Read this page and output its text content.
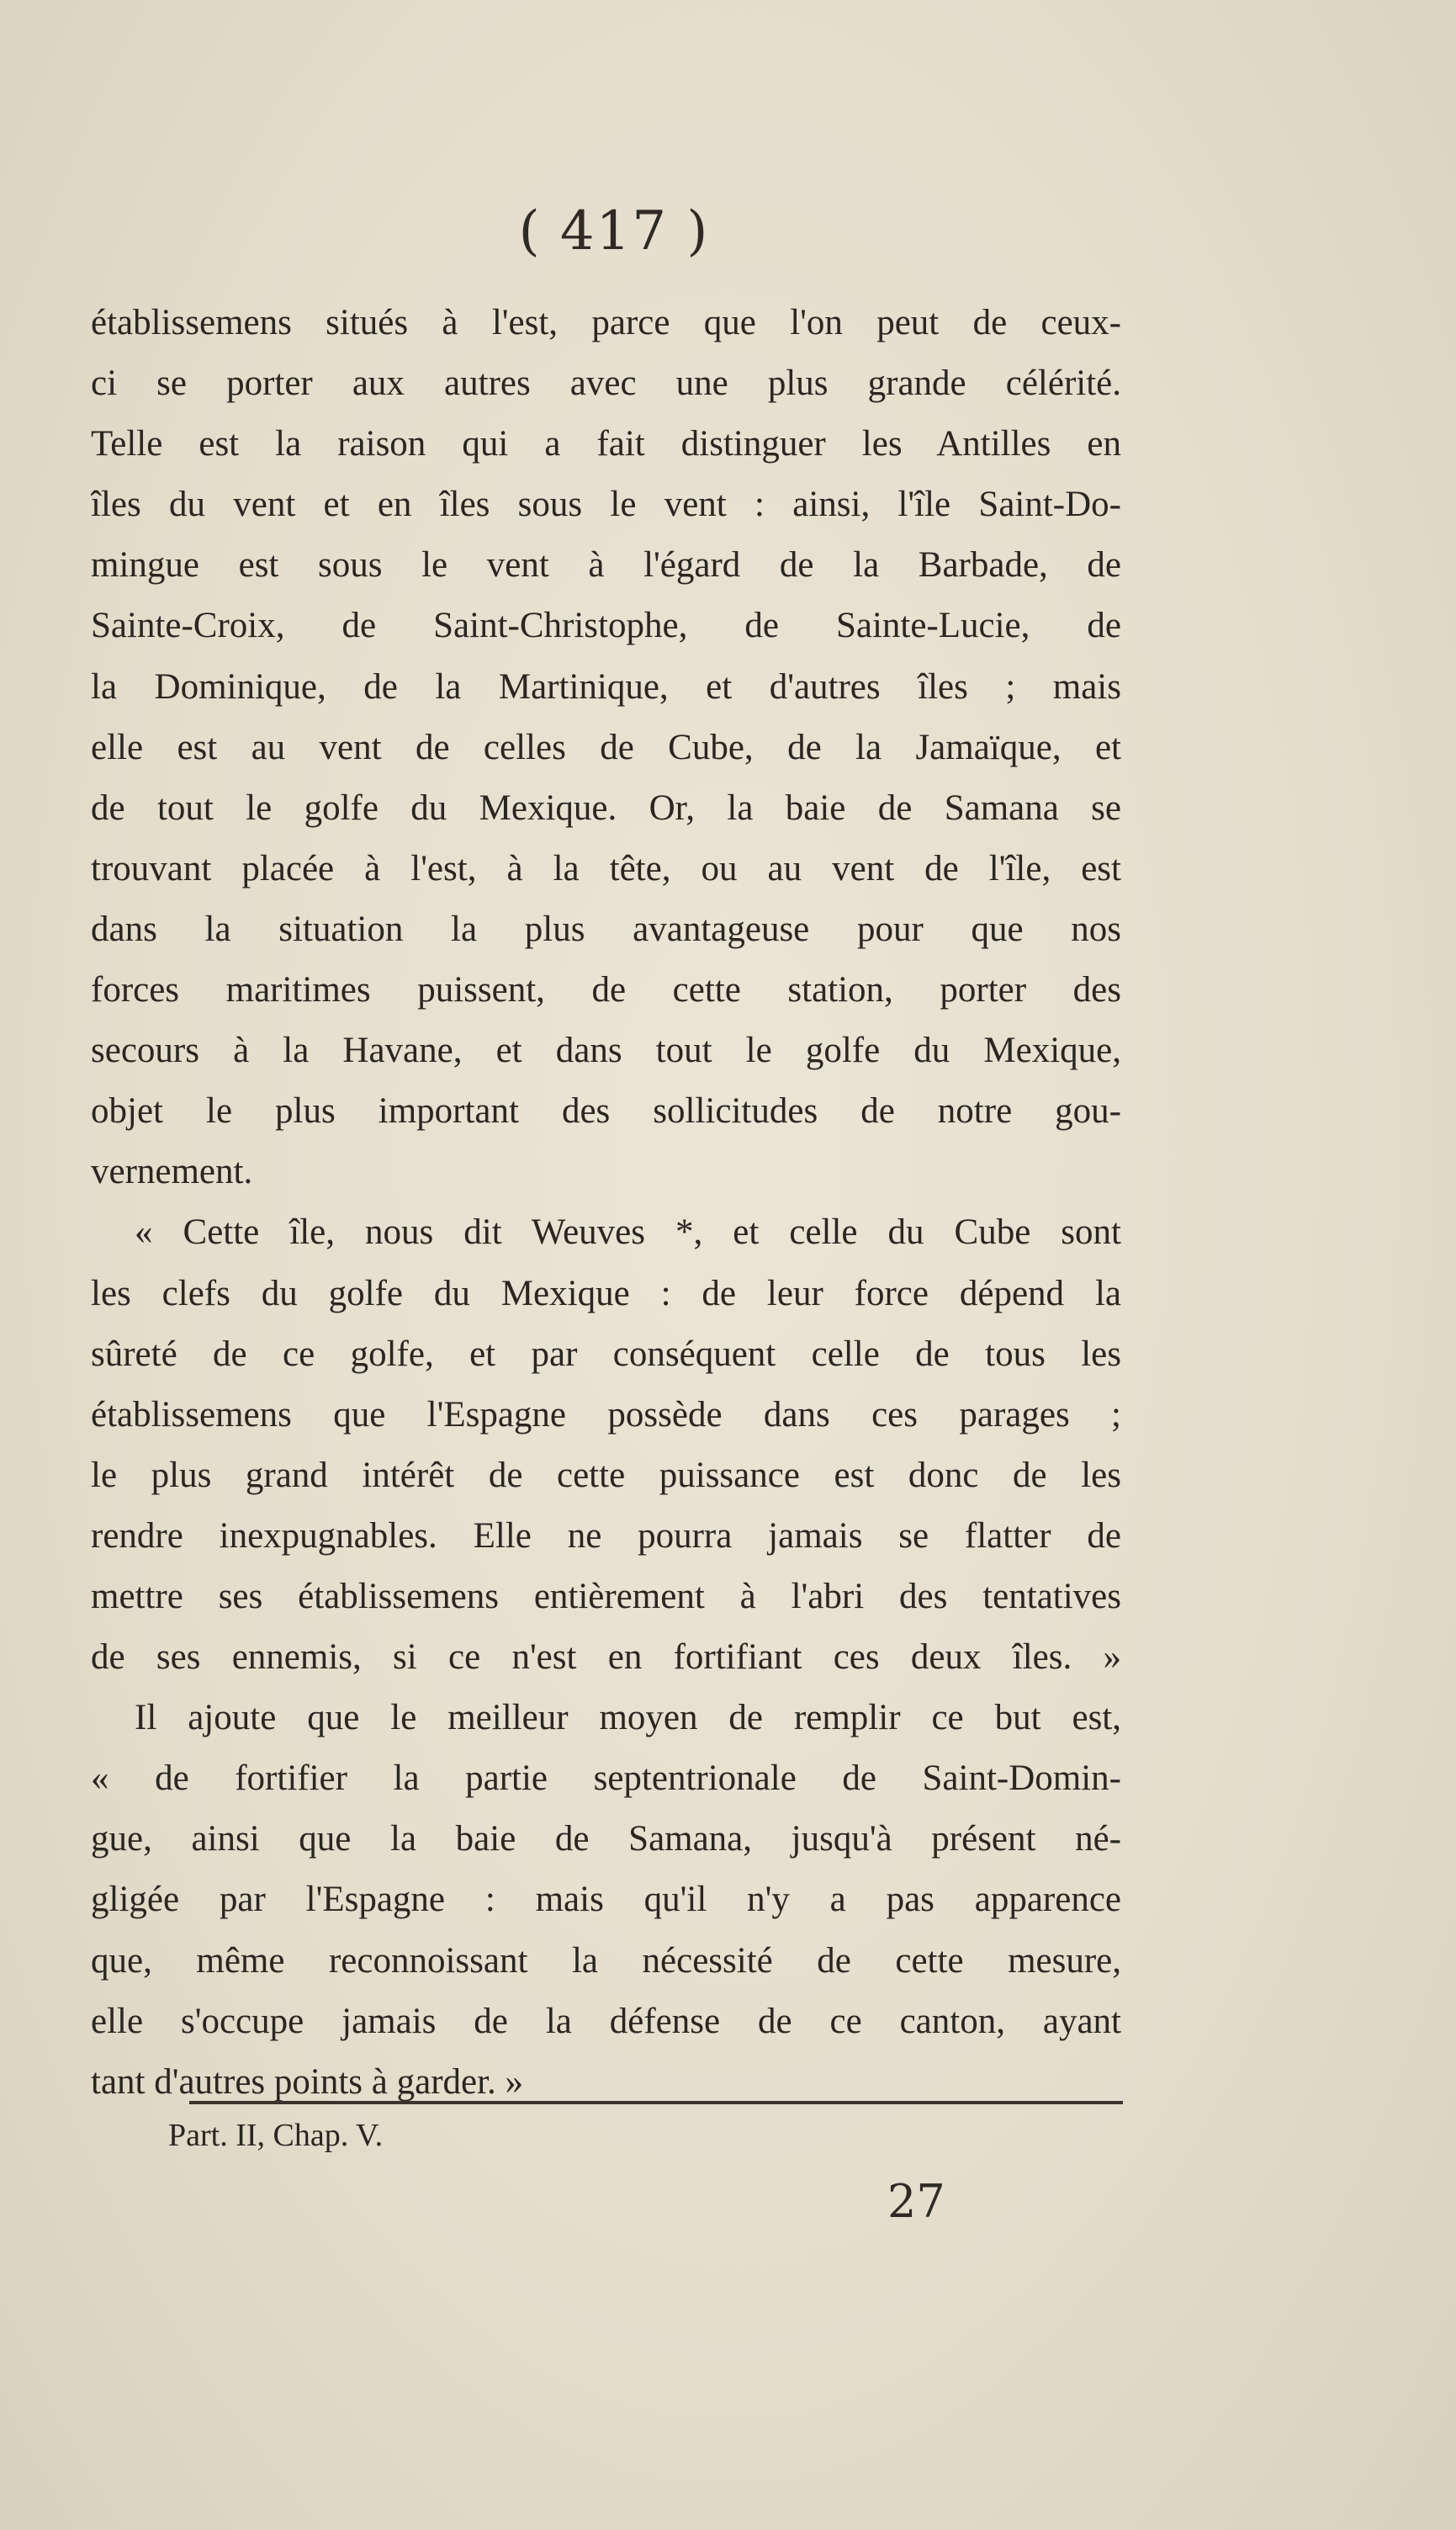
( 417 )
établissemens situés à l'est, parce que l'on peut de ceux-
ci se porter aux autres avec une plus grande célérité.
Telle est la raison qui a fait distinguer les Antilles en
îles du vent et en îles sous le vent : ainsi, l'île Saint-Do-
mingue est sous le vent à l'égard de la Barbade, de
Sainte-Croix, de Saint-Christophe, de Sainte-Lucie, de
la Dominique, de la Martinique, et d'autres îles ; mais
elle est au vent de celles de Cube, de la Jamaïque, et
de tout le golfe du Mexique. Or, la baie de Samana se
trouvant placée à l'est, à la tête, ou au vent de l'île, est
dans la situation la plus avantageuse pour que nos
forces maritimes puissent, de cette station, porter des
secours à la Havane, et dans tout le golfe du Mexique,
objet le plus important des sollicitudes de notre gou-
vernement.
« Cette île, nous dit Weuves *, et celle du Cube sont
les clefs du golfe du Mexique : de leur force dépend la
sûreté de ce golfe, et par conséquent celle de tous les
établissemens que l'Espagne possède dans ces parages ;
le plus grand intérêt de cette puissance est donc de les
rendre inexpugnables. Elle ne pourra jamais se flatter de
mettre ses établissemens entièrement à l'abri des tentatives
de ses ennemis, si ce n'est en fortifiant ces deux îles. »
Il ajoute que le meilleur moyen de remplir ce but est,
« de fortifier la partie septentrionale de Saint-Domin-
gue, ainsi que la baie de Samana, jusqu'à présent né-
gligée par l'Espagne : mais qu'il n'y a pas apparence
que, même reconnoissant la nécessité de cette mesure,
elle s'occupe jamais de la défense de ce canton, ayant
tant d'autres points à garder. »
Part. II, Chap. V.
27
